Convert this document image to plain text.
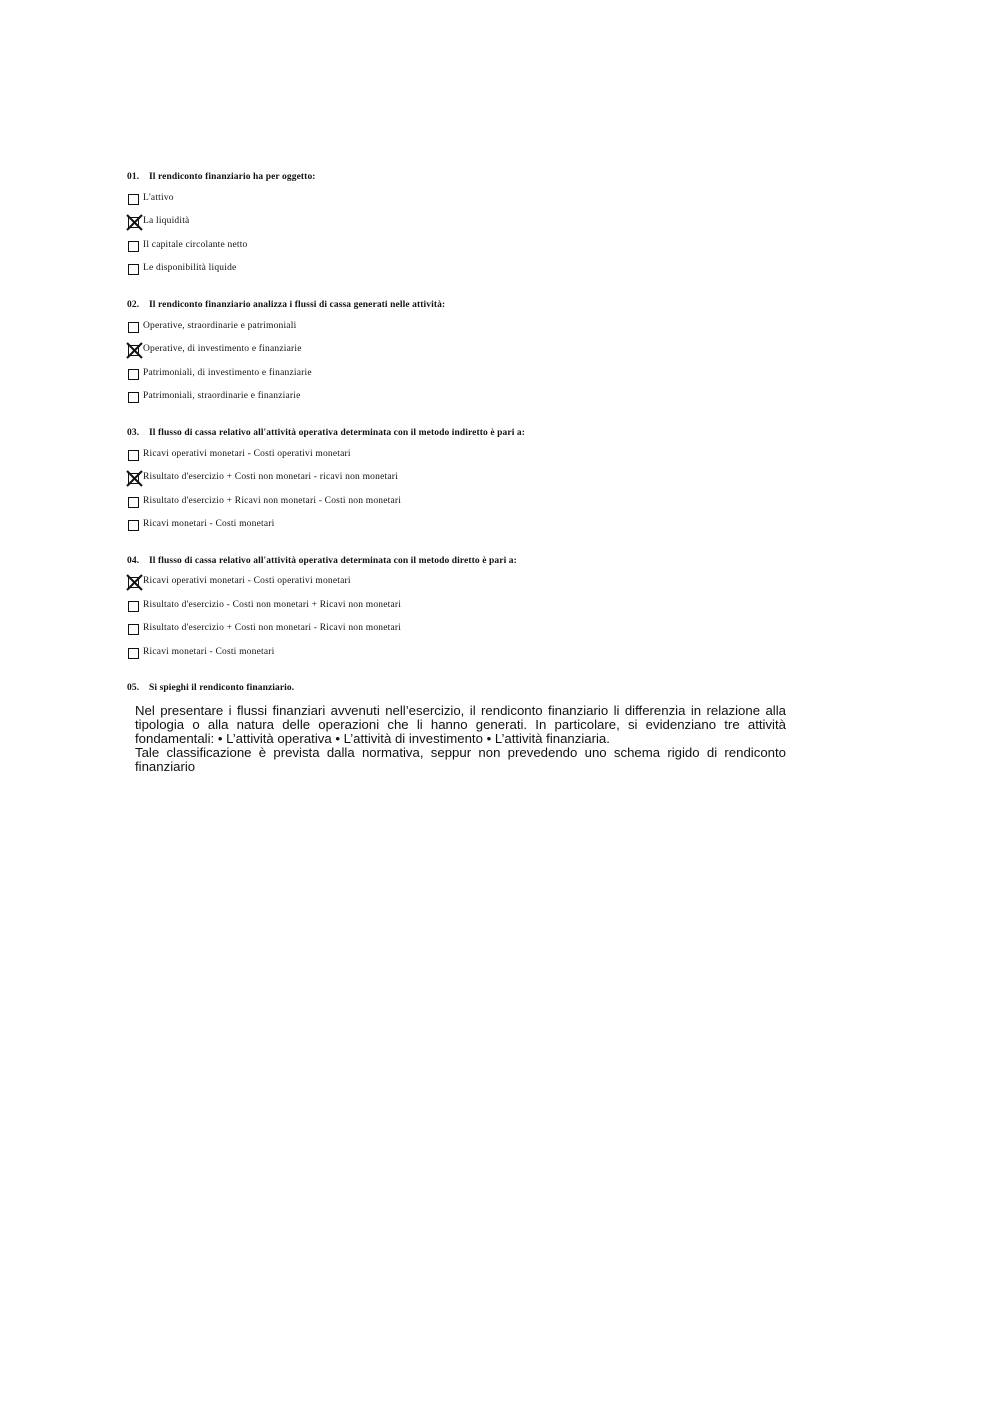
01. Il rendiconto finanziario ha per oggetto:
L'attivo
La liquidità
Il capitale circolante netto
Le disponibilità liquide
02. Il rendiconto finanziario analizza i flussi di cassa generati nelle attività:
Operative, straordinarie e patrimoniali
Operative, di investimento e finanziarie
Patrimoniali, di investimento e finanziarie
Patrimoniali, straordinarie e finanziarie
03. Il flusso di cassa relativo all'attività operativa determinata con il metodo indiretto è pari a:
Ricavi operativi monetari - Costi operativi monetari
Risultato d'esercizio + Costi non monetari - ricavi non monetari
Risultato d'esercizio + Ricavi non monetari - Costi non monetari
Ricavi monetari - Costi monetari
04. Il flusso di cassa relativo all'attività operativa determinata con il metodo diretto è pari a:
Ricavi operativi monetari - Costi operativi monetari
Risultato d'esercizio - Costi non monetari + Ricavi non monetari
Risultato d'esercizio + Costi non monetari - Ricavi non monetari
Ricavi monetari - Costi monetari
05. Si spieghi il rendiconto finanziario.

Nel presentare i flussi finanziari avvenuti nell’esercizio, il rendiconto finanziario li differenzia in relazione alla tipologia o alla natura delle operazioni che li hanno generati. In particolare, si evidenziano tre attività fondamentali: • L’attività operativa • L’attività di investimento • L’attività finanziaria.

Tale classificazione è prevista dalla normativa, seppur non prevedendo uno schema rigido di rendiconto finanziario
